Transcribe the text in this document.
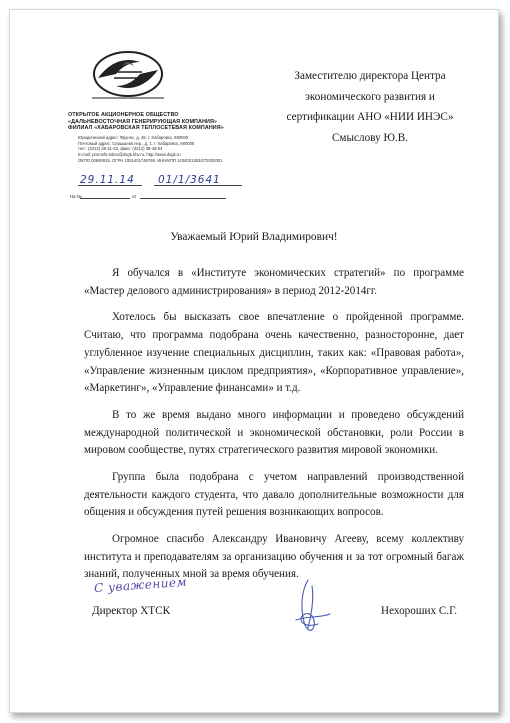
ОТКРЫТОЕ АКЦИОНЕРНОЕ ОБЩЕСТВО
«ДАЛЬНЕВОСТОЧНАЯ ГЕНЕРИРУЮЩАЯ КОМПАНИЯ»
ФИЛИАЛ «ХАБАРОВСКАЯ ТЕПЛОСЕТЕВАЯ КОМПАНИЯ»
Юридический адрес: Фрунзе, д. 49, г. Хабаровск, 680000
Почтовый адрес: Серышева пер., д. 1, г. Хабаровск, 680000
тел.: (4212) 38-41-53, факс: (4212) 38-48-54
E-mail: promsfo-inbox@dvgk.khv.ru, http://www.dvgk.ru
ОКПО 00690915, ОГРН 1051401746769, ИНН/КПП 1434031363/272002001
29.11.14 01/1/3641
На №	от
Заместителю директора Центра
экономического развития и
сертификации АНО «НИИ ИНЭС»
Смыслову Ю.В.
Уважаемый Юрий Владимирович!

Я обучался в «Институте экономических стратегий» по программе «Мастер делового администрирования» в период 2012-2014гг.

Хотелось бы высказать свое впечатление о пройденной программе. Считаю, что программа подобрана очень качественно, разносторонне, дает углубленное изучение специальных дисциплин, таких как: «Правовая работа», «Управление жизненным циклом предприятия», «Корпоративное управление», «Маркетинг», «Управление финансами» и т.д.

В то же время выдано много информации и проведено обсуждений международной политической и экономической обстановки, роли России в мировом сообществе, путях стратегического развития мировой экономики.

Группа была подобрана с учетом направлений производственной деятельности каждого студента, что давало дополнительные возможности для общения и обсуждения путей решения возникающих вопросов.

Огромное спасибо Александру Ивановичу Агееву, всему коллективу института и преподавателям за организацию обучения и за тот огромный багаж знаний, полученных мной за время обучения.

С уважением
Директор ХТСК	Нехороших С.Г.
